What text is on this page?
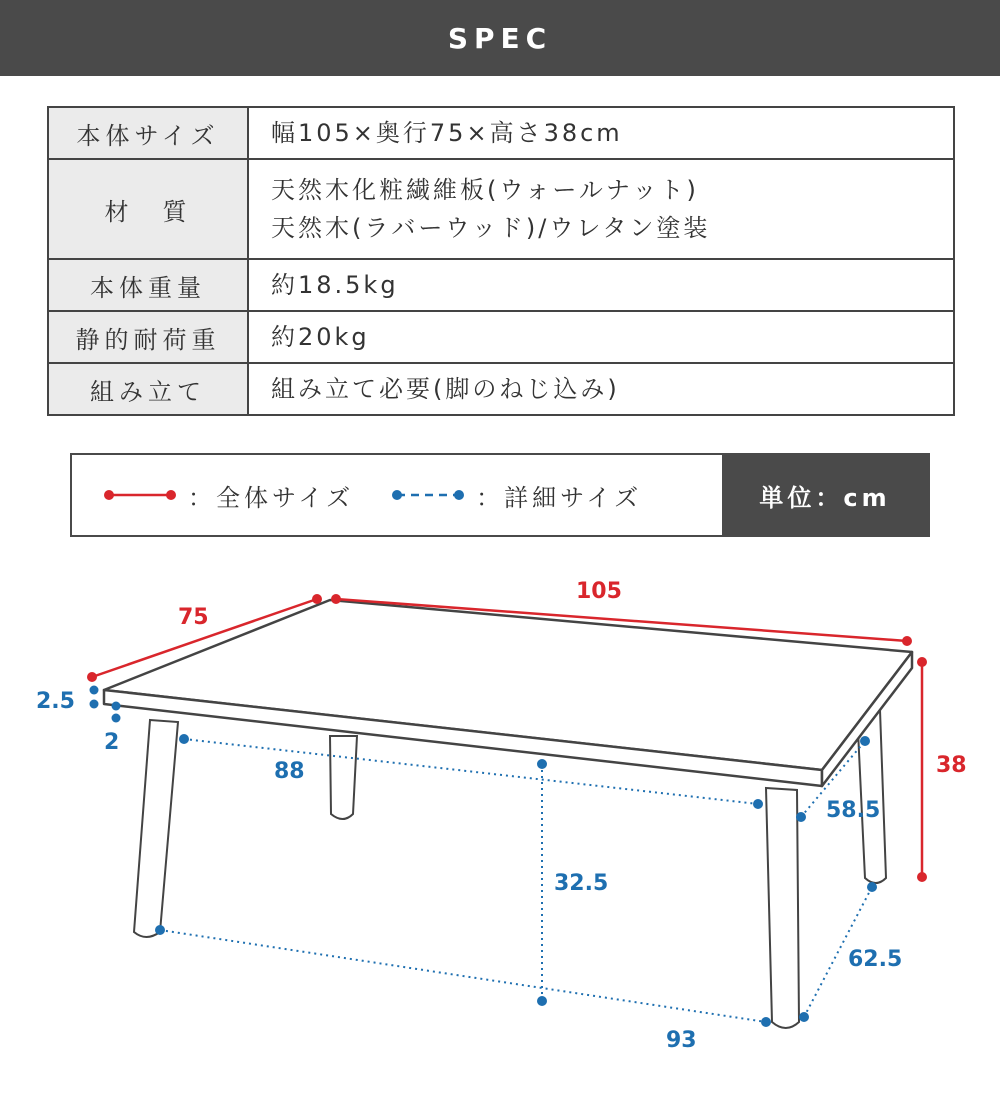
SPEC
本体サイズ	幅105×奥行75×高さ38cm
材　質	天然木化粧繊維板(ウォールナット)
天然木(ラバーウッド)/ウレタン塗装

本体重量	約18.5kg
静的耐荷重	約20kg
組み立て	組み立て必要(脚のねじ込み)
：全体サイズ	：詳細サイズ	単位：cm
75
105
38
2.5
2
88
58.5
32.5
62.5
93
